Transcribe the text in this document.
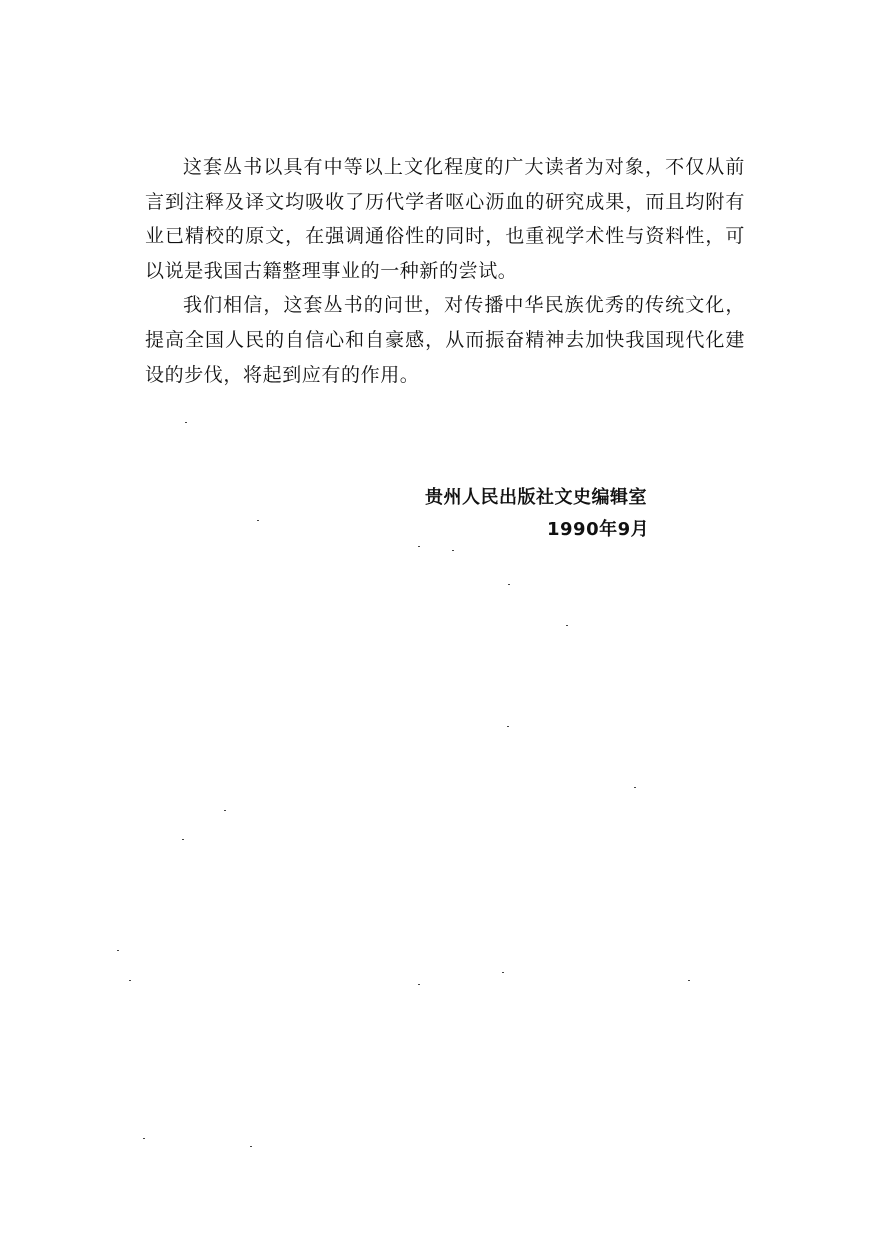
这套丛书以具有中等以上文化程度的广大读者为对象，不仅从前言到注释及译文均吸收了历代学者呕心沥血的研究成果，而且均附有业已精校的原文，在强调通俗性的同时，也重视学术性与资料性，可以说是我国古籍整理事业的一种新的尝试。

我们相信，这套丛书的问世，对传播中华民族优秀的传统文化，提高全国人民的自信心和自豪感，从而振奋精神去加快我国现代化建设的步伐，将起到应有的作用。

贵州人民出版社文史编辑室
1990年9月
